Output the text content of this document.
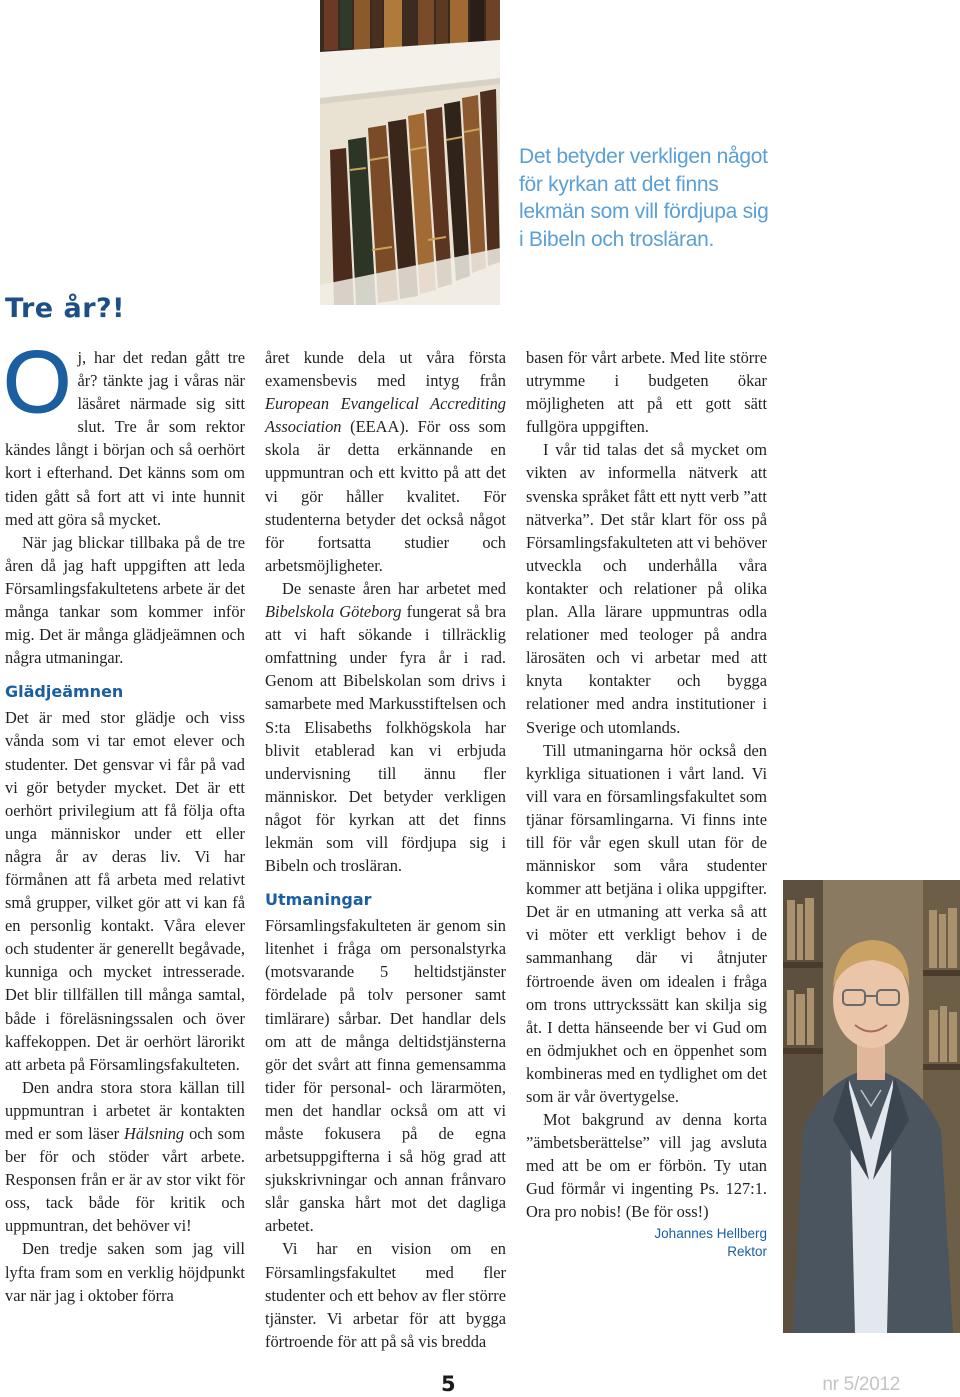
Det betyder verkligen något
för kyrkan att det finns
lekmän som vill fördjupa sig
i Bibeln och trosläran.
Tre år?!

Oj, har det redan gått tre år? tänkte jag i våras när läsåret närmade sig sitt slut. Tre år som rektor kändes långt i början och så oerhört kort i efterhand. Det känns som om tiden gått så fort att vi inte hunnit med att göra så mycket.

När jag blickar tillbaka på de tre åren då jag haft uppgiften att leda Församlingsfakultetens arbete är det många tankar som kommer inför mig. Det är många glädjeämnen och några utmaningar.

Glädjeämnen

Det är med stor glädje och viss vånda som vi tar emot elever och studenter. Det gensvar vi får på vad vi gör betyder mycket. Det är ett oerhört privilegium att få följa ofta unga människor under ett eller några år av deras liv. Vi har förmånen att få arbeta med relativt små grupper, vilket gör att vi kan få en personlig kontakt. Våra elever och studenter är generellt begåvade, kunniga och mycket intresserade. Det blir tillfällen till många samtal, både i föreläsningssalen och över kaffekoppen. Det är oerhört lärorikt att arbeta på Församlingsfakulteten.

Den andra stora stora källan till uppmuntran i arbetet är kontakten med er som läser Hälsning och som ber för och stöder vårt arbete. Responsen från er är av stor vikt för oss, tack både för kritik och uppmuntran, det behöver vi!

Den tredje saken som jag vill lyfta fram som en verklig höjdpunkt var när jag i oktober förra

året kunde dela ut våra första examensbevis med intyg från European Evangelical Accrediting Association (EEAA). För oss som skola är detta erkännande en uppmuntran och ett kvitto på att det vi gör håller kvalitet. För studenterna betyder det också något för fortsatta studier och arbetsmöjligheter.

De senaste åren har arbetet med Bibelskola Göteborg fungerat så bra att vi haft sökande i tillräcklig omfattning under fyra år i rad. Genom att Bibelskolan som drivs i samarbete med Markusstiftelsen och S:ta Elisabeths folkhögskola har blivit etablerad kan vi erbjuda undervisning till ännu fler människor. Det betyder verkligen något för kyrkan att det finns lekmän som vill fördjupa sig i Bibeln och trosläran.

Utmaningar

Församlingsfakulteten är genom sin litenhet i fråga om personalstyrka (motsvarande 5 heltidstjänster fördelade på tolv personer samt timlärare) sårbar. Det handlar dels om att de många deltidstjänsterna gör det svårt att finna gemensamma tider för personal- och lärarmöten, men det handlar också om att vi måste fokusera på de egna arbetsuppgifterna i så hög grad att sjukskrivningar och annan frånvaro slår ganska hårt mot det dagliga arbetet.

Vi har en vision om en Församlingsfakultet med fler studenter och ett behov av fler större tjänster. Vi arbetar för att bygga förtroende för att på så vis bredda

basen för vårt arbete. Med lite större utrymme i budgeten ökar möjligheten att på ett gott sätt fullgöra uppgiften.

I vår tid talas det så mycket om vikten av informella nätverk att svenska språket fått ett nytt verb ”att nätverka”. Det står klart för oss på Församlingsfakulteten att vi behöver utveckla och underhålla våra kontakter och relationer på olika plan. Alla lärare uppmuntras odla relationer med teologer på andra lärosäten och vi arbetar med att knyta kontakter och bygga relationer med andra institutioner i Sverige och utomlands.

Till utmaningarna hör också den kyrkliga situationen i vårt land. Vi vill vara en församlingsfakultet som tjänar församlingarna. Vi finns inte till för vår egen skull utan för de människor som våra studenter kommer att betjäna i olika uppgifter. Det är en utmaning att verka så att vi möter ett verkligt behov i de sammanhang där vi åtnjuter förtroende även om idealen i fråga om trons uttryckssätt kan skilja sig åt. I detta hänseende ber vi Gud om en ödmjukhet och en öppenhet som kombineras med en tydlighet om det som är vår övertygelse.

Mot bakgrund av denna korta ”ämbetsberättelse” vill jag avsluta med att be om er förbön. Ty utan Gud förmår vi ingenting Ps. 127:1. Ora pro nobis! (Be för oss!)

Johannes Hellberg
Rektor
5	nr 5/2012
